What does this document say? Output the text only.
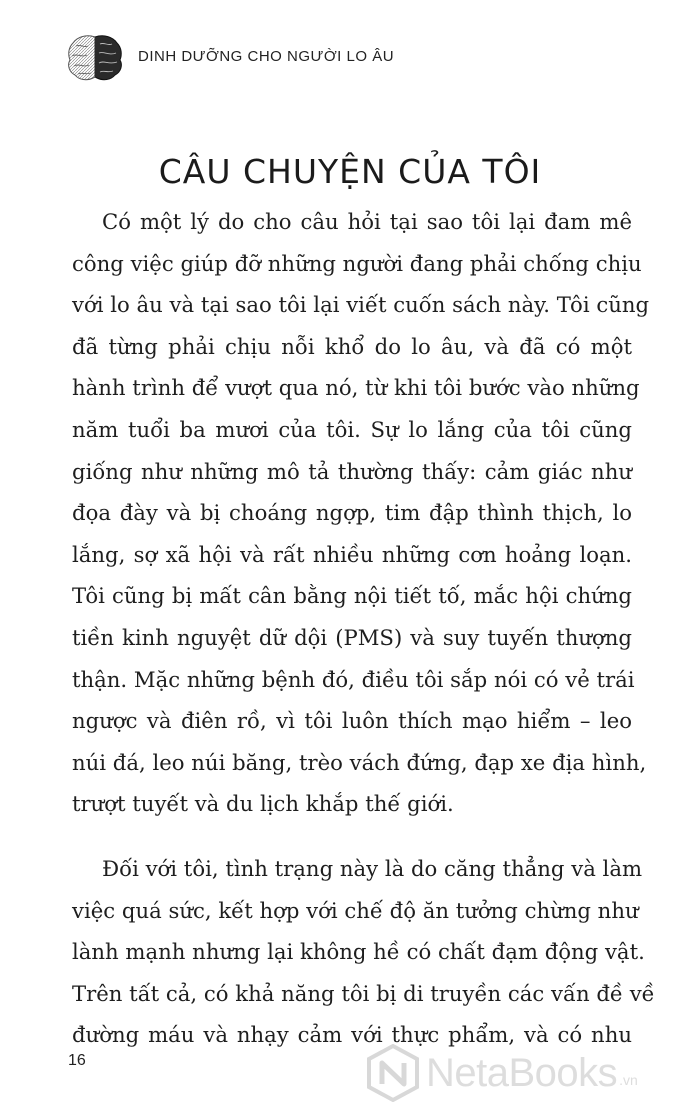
DINH DƯỠNG CHO NGƯỜI LO ÂU
CÂU CHUYỆN CỦA TÔI

Có một lý do cho câu hỏi tại sao tôi lại đam mê
công việc giúp đỡ những người đang phải chống chịu
với lo âu và tại sao tôi lại viết cuốn sách này. Tôi cũng
đã từng phải chịu nỗi khổ do lo âu, và đã có một
hành trình để vượt qua nó, từ khi tôi bước vào những
năm tuổi ba mươi của tôi. Sự lo lắng của tôi cũng
giống như những mô tả thường thấy: cảm giác như
đọa đày và bị choáng ngợp, tim đập thình thịch, lo
lắng, sợ xã hội và rất nhiều những cơn hoảng loạn.
Tôi cũng bị mất cân bằng nội tiết tố, mắc hội chứng
tiền kinh nguyệt dữ dội (PMS) và suy tuyến thượng
thận. Mặc những bệnh đó, điều tôi sắp nói có vẻ trái
ngược và điên rồ, vì tôi luôn thích mạo hiểm – leo
núi đá, leo núi băng, trèo vách đứng, đạp xe địa hình,
trượt tuyết và du lịch khắp thế giới.

Đối với tôi, tình trạng này là do căng thẳng và làm
việc quá sức, kết hợp với chế độ ăn tưởng chừng như
lành mạnh nhưng lại không hề có chất đạm động vật.
Trên tất cả, có khả năng tôi bị di truyền các vấn đề về
đường máu và nhạy cảm với thực phẩm, và có nhu

16	NetaBooks .vn
